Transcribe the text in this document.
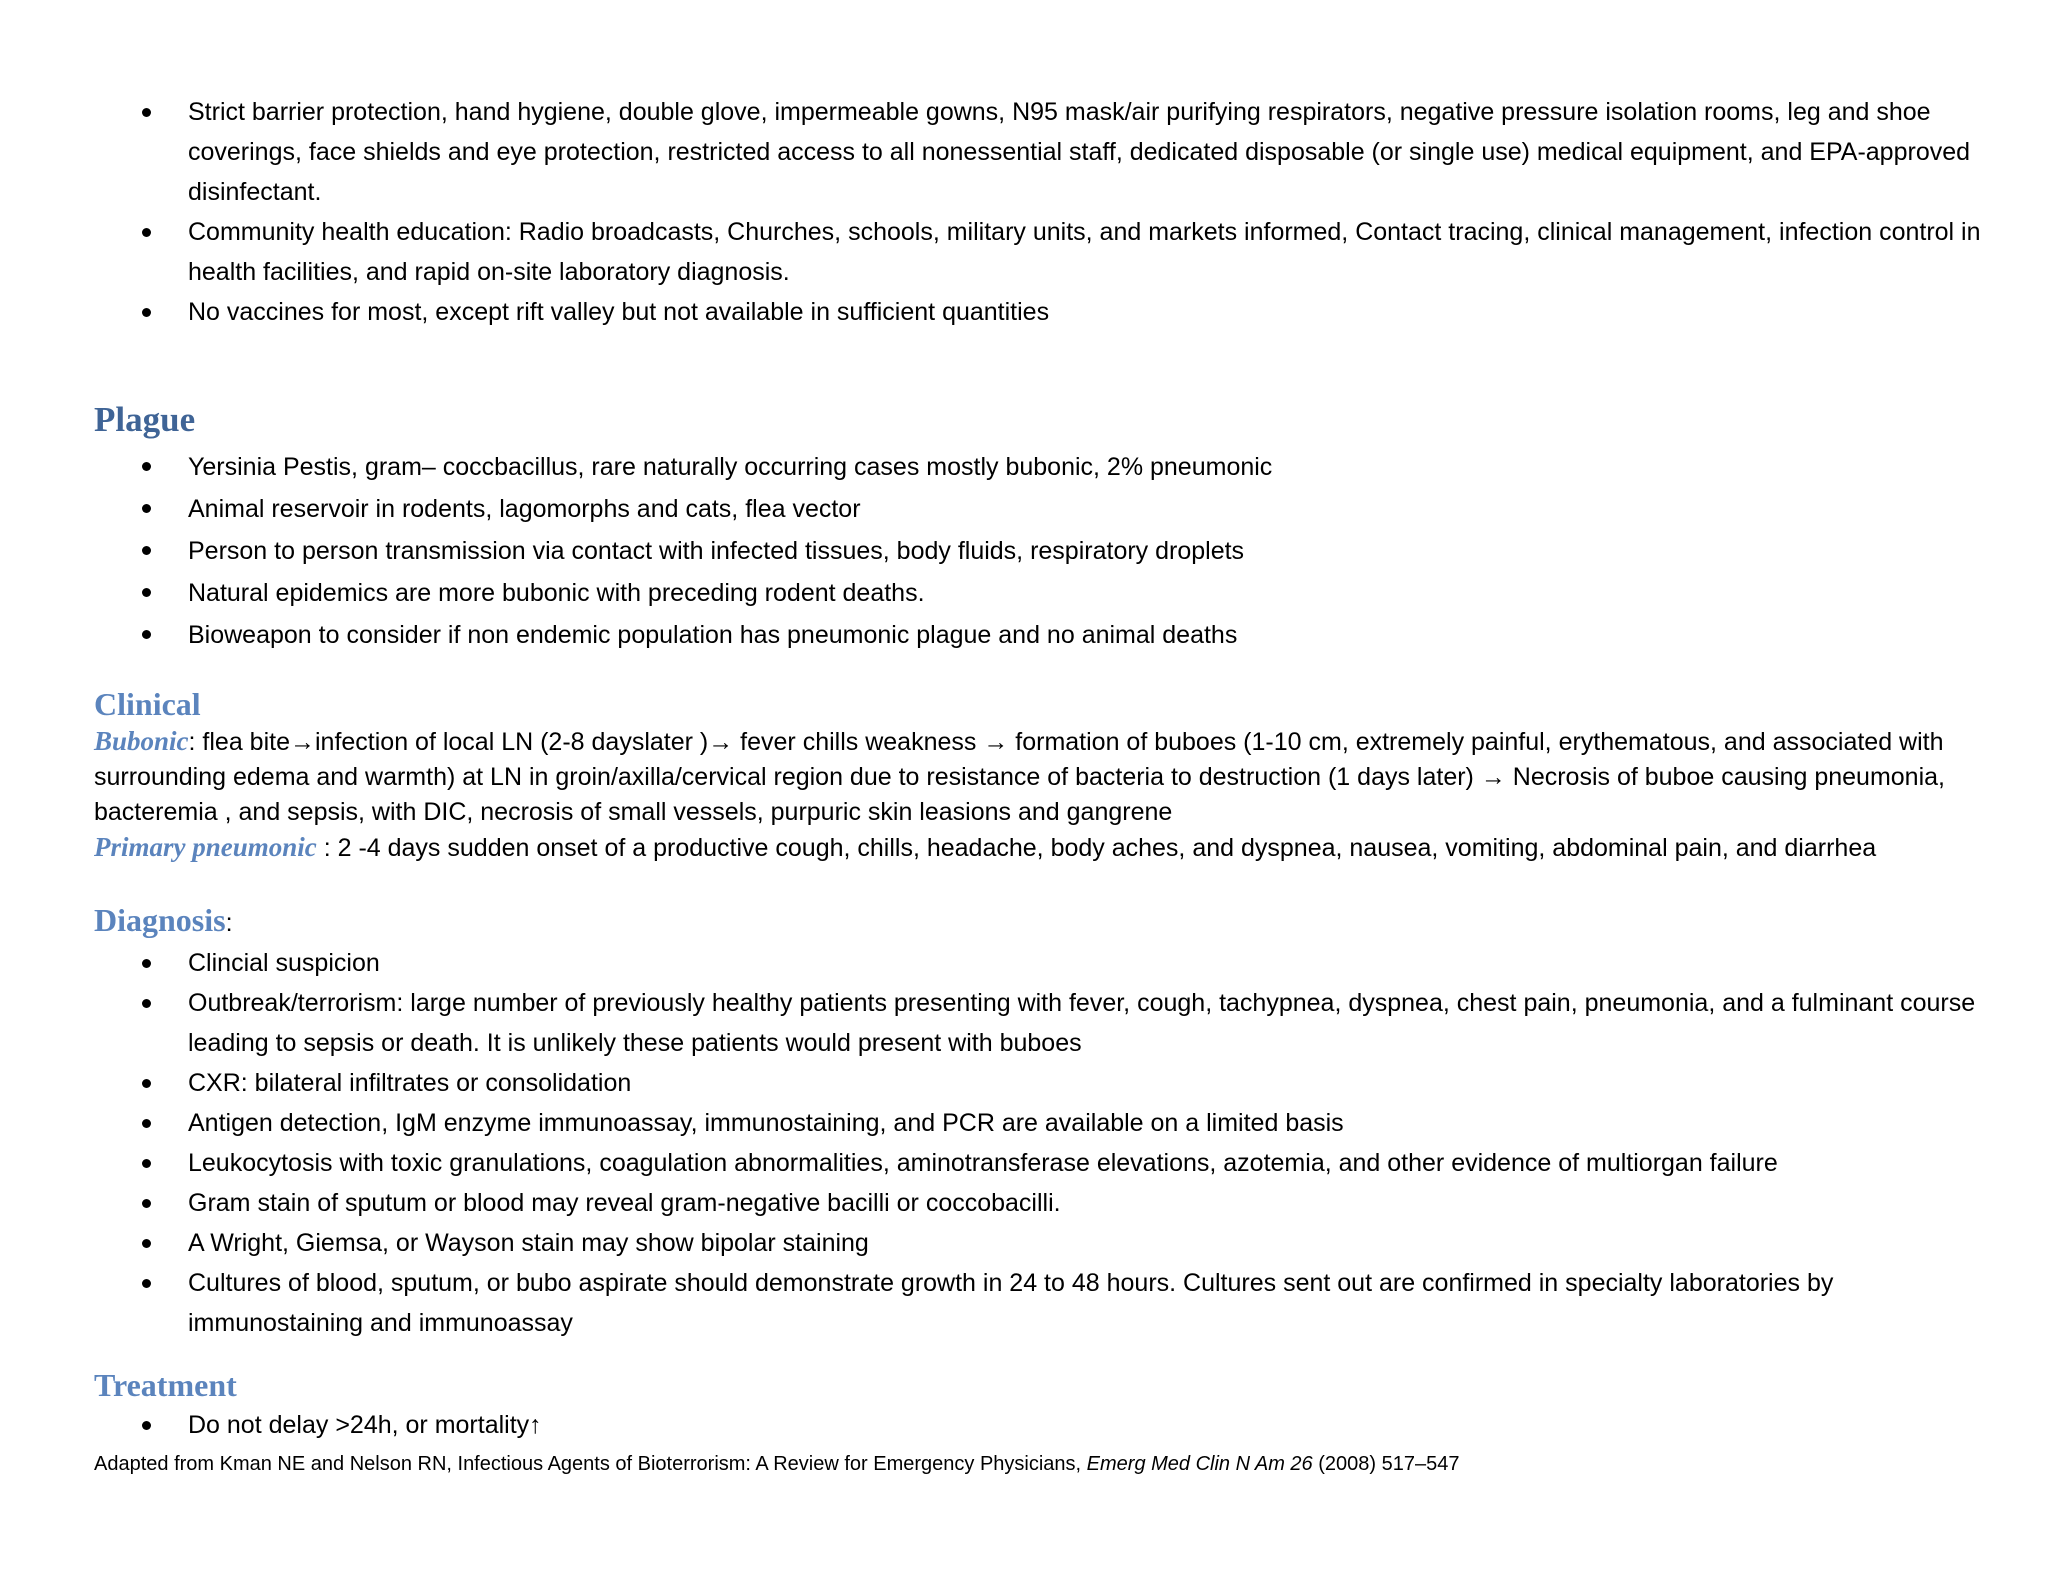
Strict barrier protection, hand hygiene, double glove, impermeable gowns, N95 mask/air purifying respirators, negative pressure isolation rooms, leg and shoe coverings, face shields and eye protection, restricted access to all nonessential staff, dedicated disposable (or single use) medical equipment, and EPA-approved disinfectant.
Community health education: Radio broadcasts, Churches, schools, military units, and markets informed, Contact tracing, clinical management, infection control in health facilities, and rapid on-site laboratory diagnosis.
No vaccines for most, except rift valley but not available in sufficient quantities
Plague
Yersinia Pestis, gram– coccbacillus, rare naturally occurring cases mostly bubonic, 2% pneumonic
Animal reservoir in rodents, lagomorphs and cats, flea vector
Person to person transmission via contact with infected tissues, body fluids, respiratory droplets
Natural epidemics are more bubonic with preceding rodent deaths.
Bioweapon to consider if non endemic population has pneumonic plague and no animal deaths
Clinical

Bubonic: flea bite→infection of local LN (2-8 dayslater )→ fever chills weakness → formation of buboes (1-10 cm, extremely painful, erythematous, and associated with surrounding edema and warmth) at LN in groin/axilla/cervical region due to resistance of bacteria to destruction (1 days later) → Necrosis of buboe causing pneumonia, bacteremia , and sepsis, with DIC, necrosis of small vessels, purpuric skin leasions and gangrene

Primary pneumonic : 2 -4 days sudden onset of a productive cough, chills, headache, body aches, and dyspnea, nausea, vomiting, abdominal pain, and diarrhea

Diagnosis:
Clincial suspicion
Outbreak/terrorism: large number of previously healthy patients presenting with fever, cough, tachypnea, dyspnea, chest pain, pneumonia, and a fulminant course leading to sepsis or death. It is unlikely these patients would present with buboes
CXR: bilateral infiltrates or consolidation
Antigen detection, IgM enzyme immunoassay, immunostaining, and PCR are available on a limited basis
Leukocytosis with toxic granulations, coagulation abnormalities, aminotransferase elevations, azotemia, and other evidence of multiorgan failure
Gram stain of sputum or blood may reveal gram-negative bacilli or coccobacilli.
A Wright, Giemsa, or Wayson stain may show bipolar staining
Cultures of blood, sputum, or bubo aspirate should demonstrate growth in 24 to 48 hours. Cultures sent out are confirmed in specialty laboratories by immunostaining and immunoassay
Treatment
Do not delay >24h, or mortality↑

Adapted from Kman NE and Nelson RN, Infectious Agents of Bioterrorism: A Review for Emergency Physicians, Emerg Med Clin N Am 26 (2008) 517–547
